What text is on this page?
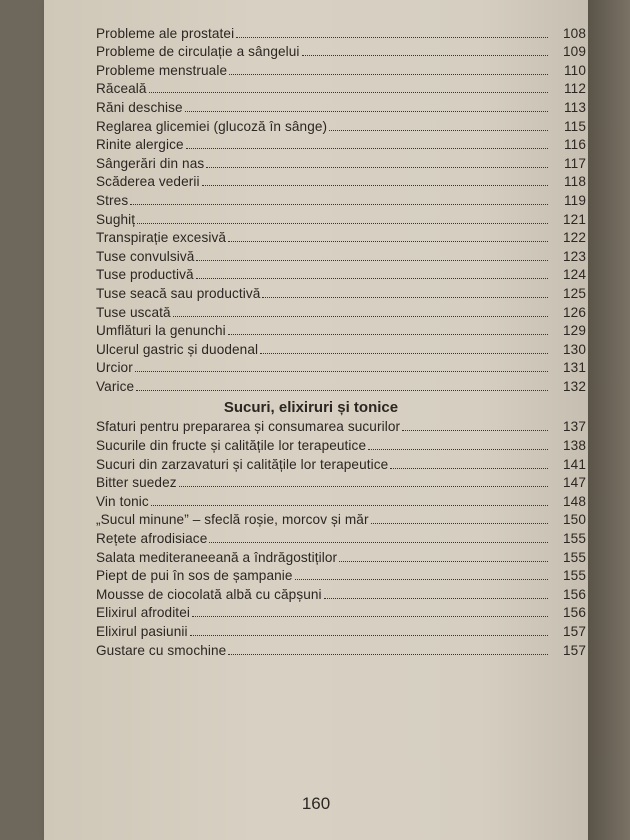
Probleme ale prostatei	108
Probleme de circulație a sângelui	109
Probleme menstruale	110
Răceală	112
Răni deschise	113
Reglarea glicemiei (glucoză în sânge)	115
Rinite alergice	116
Sângerări din nas	117
Scăderea vederii	118
Stres	119
Sughiț	121
Transpirație excesivă	122
Tuse convulsivă	123
Tuse productivă	124
Tuse seacă sau productivă	125
Tuse uscată	126
Umflături la genunchi	129
Ulcerul gastric și duodenal	130
Urcior	131
Varice	132
Sucuri, elixiruri și tonice
Sfaturi pentru prepararea și consumarea sucurilor	137
Sucurile din fructe și calitățile lor terapeutice	138
Sucuri din zarzavaturi și calitățile lor terapeutice	141
Bitter suedez	147
Vin tonic	148
„Sucul minune” – sfeclă roșie, morcov și măr	150
Rețete afrodisiace	155
Salata mediteraneeană a îndrăgostiților	155
Piept de pui în sos de șampanie	155
Mousse de ciocolată albă cu căpșuni	156
Elixirul afroditei	156
Elixirul pasiunii	157
Gustare cu smochine	157
160
